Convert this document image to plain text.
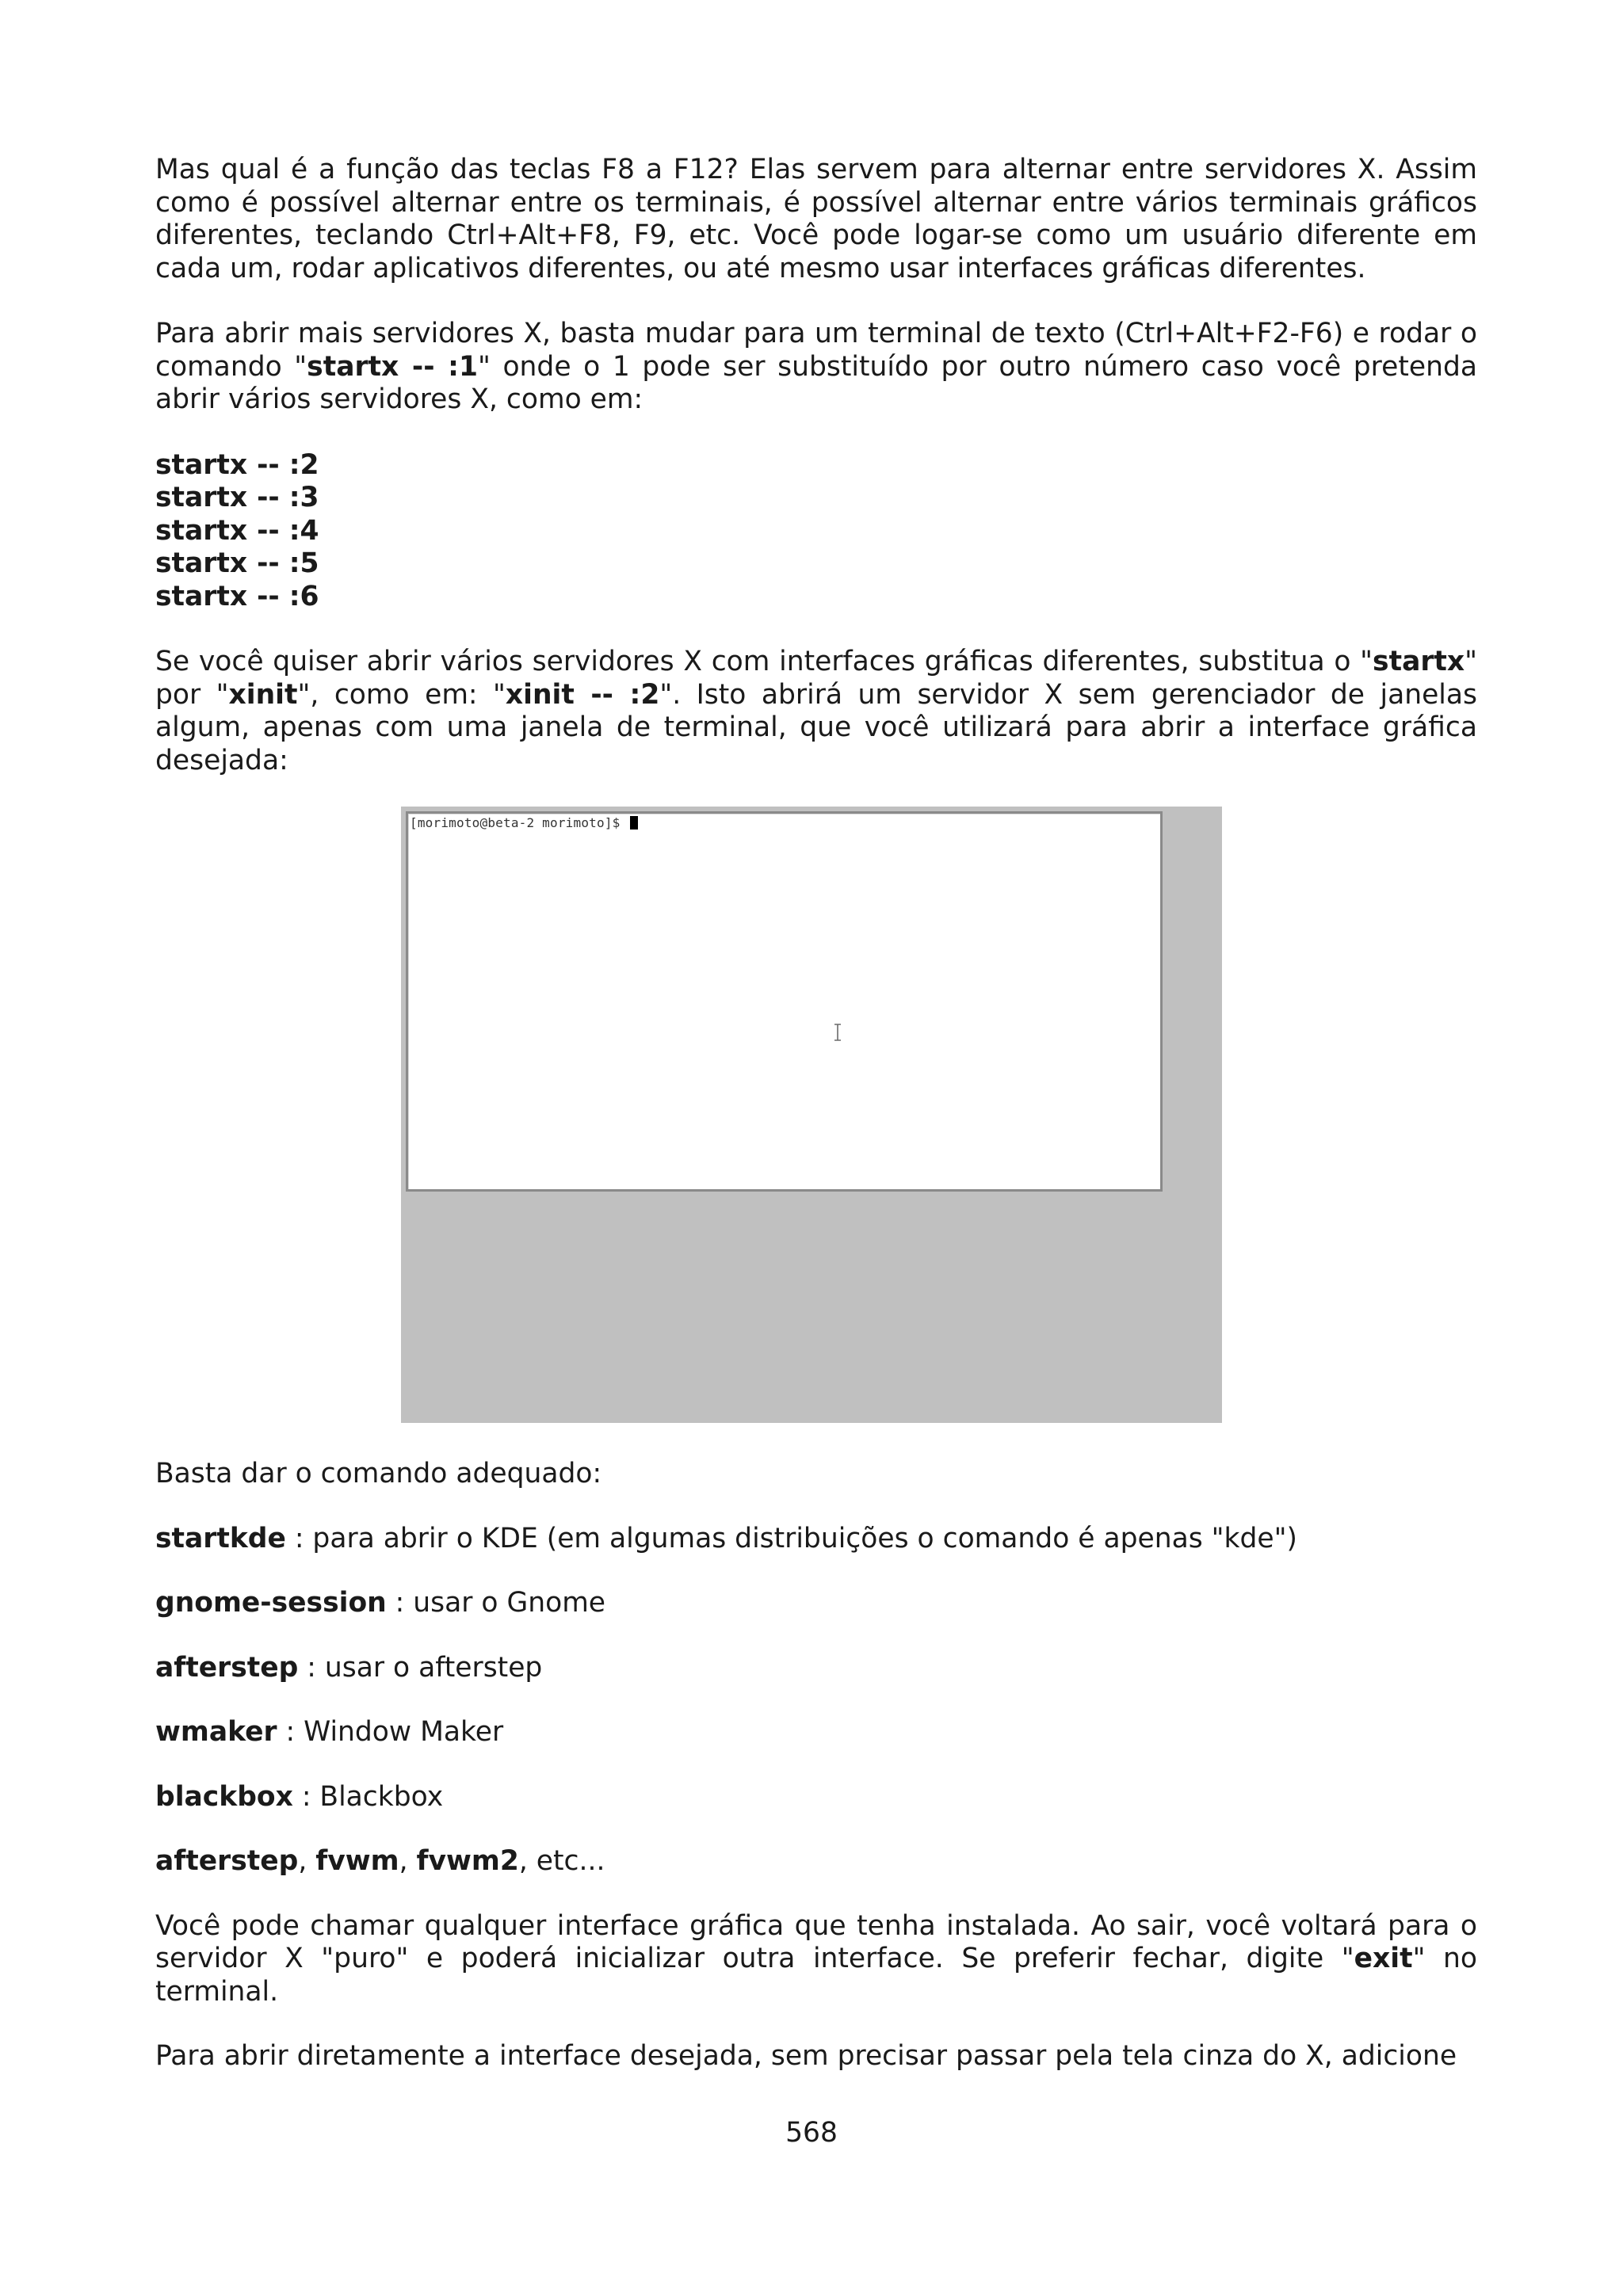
Mas qual é a função das teclas F8 a F12? Elas servem para alternar entre servidores X. Assim como é possível alternar entre os terminais, é possível alternar entre vários terminais gráficos diferentes, teclando Ctrl+Alt+F8, F9, etc. Você pode logar-se como um usuário diferente em cada um, rodar aplicativos diferentes, ou até mesmo usar interfaces gráficas diferentes.

Para abrir mais servidores X, basta mudar para um terminal de texto (Ctrl+Alt+F2-F6) e rodar o comando "startx -- :1" onde o 1 pode ser substituído por outro número caso você pretenda abrir vários servidores X, como em:

startx -- :2
startx -- :3
startx -- :4
startx -- :5
startx -- :6

Se você quiser abrir vários servidores X com interfaces gráficas diferentes, substitua o "startx" por "xinit", como em: "xinit -- :2". Isto abrirá um servidor X sem gerenciador de janelas algum, apenas com uma janela de terminal, que você utilizará para abrir a interface gráfica desejada:

[morimoto@beta-2 morimoto]$

Basta dar o comando adequado:

startkde : para abrir o KDE (em algumas distribuições o comando é apenas "kde")

gnome-session : usar o Gnome

afterstep : usar o afterstep

wmaker : Window Maker

blackbox : Blackbox

afterstep, fvwm, fvwm2, etc...

Você pode chamar qualquer interface gráfica que tenha instalada. Ao sair, você voltará para o servidor X "puro" e poderá inicializar outra interface. Se preferir fechar, digite "exit" no terminal.

Para abrir diretamente a interface desejada, sem precisar passar pela tela cinza do X, adicione

568
